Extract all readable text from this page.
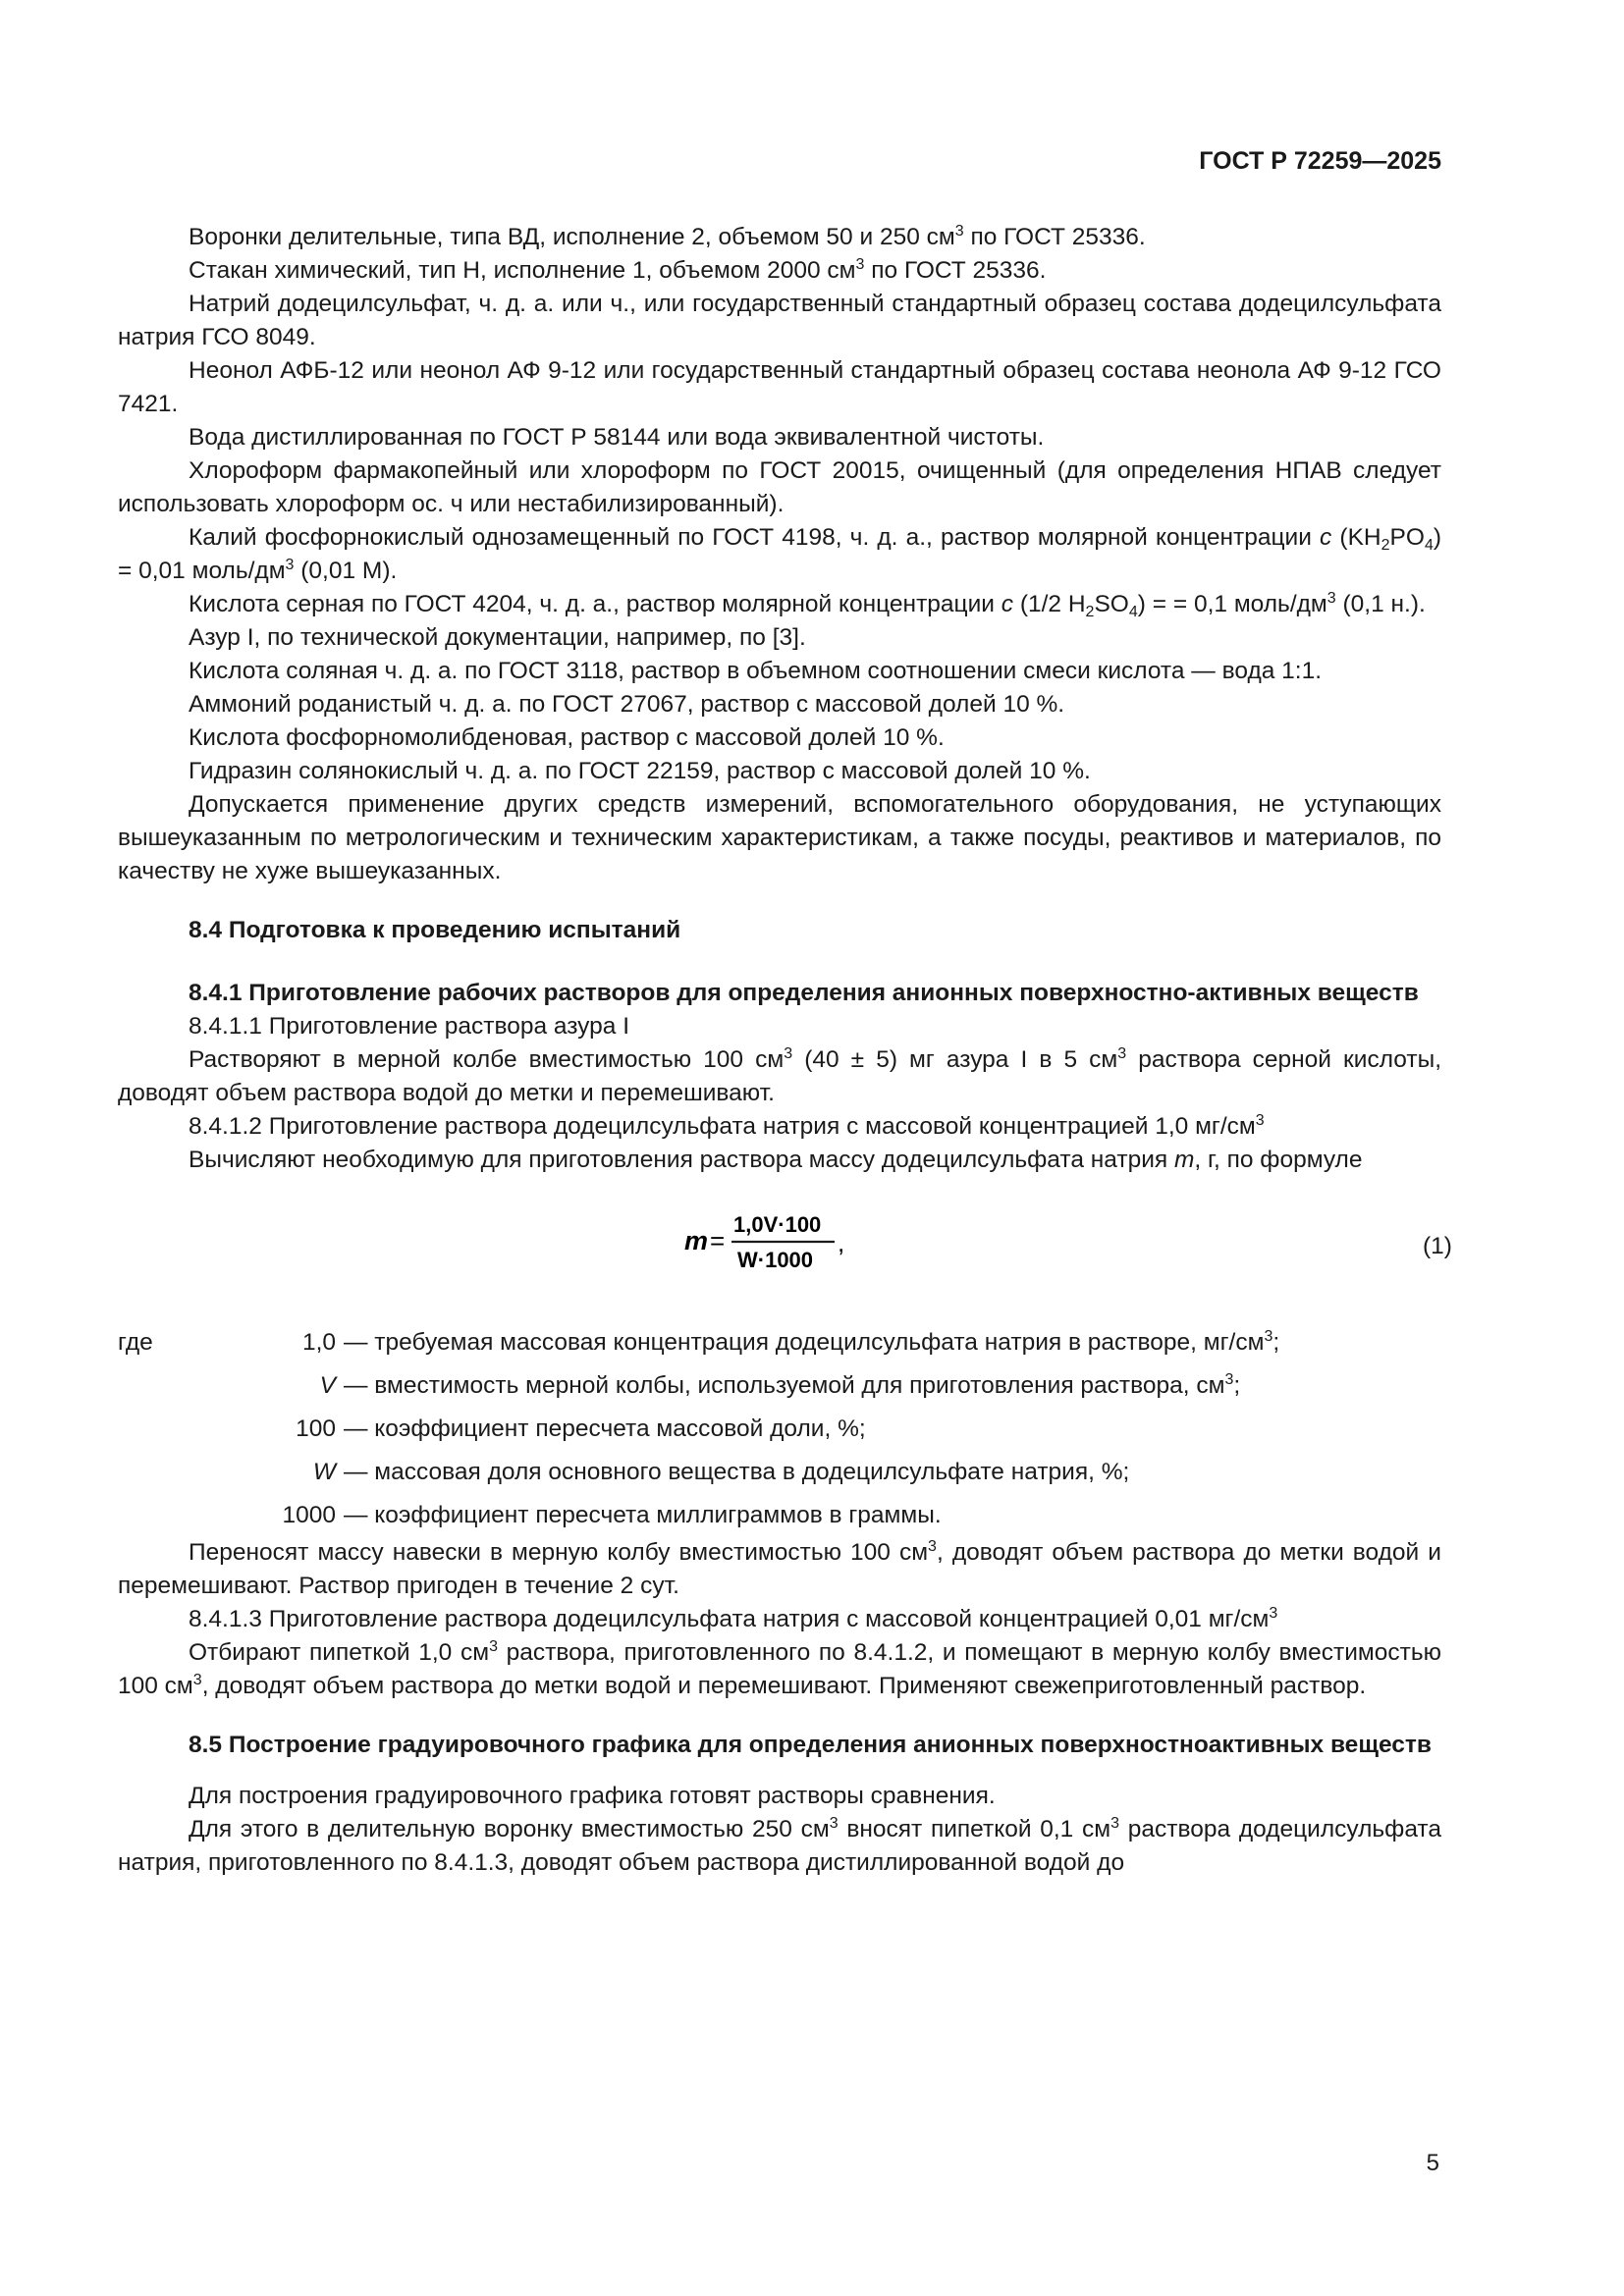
ГОСТ Р 72259—2025

Воронки делительные, типа ВД, исполнение 2, объемом 50 и 250 $см^3$ по ГОСТ 25336.

Стакан химический, тип Н, исполнение 1, объемом 2000 $см^3$ по ГОСТ 25336.

Натрий додецилсульфат, ч. д. а. или ч., или государственный стандартный образец состава додецилсульфата натрия ГСО 8049.

Неонол АФБ-12 или неонол АФ 9-12 или государственный стандартный образец состава неонола АФ 9-12 ГСО 7421.

Вода дистиллированная по ГОСТ Р 58144 или вода эквивалентной чистоты.

Хлороформ фармакопейный или хлороформ по ГОСТ 20015, очищенный (для определения НПАВ следует использовать хлороформ ос. ч или нестабилизированный).

Калий фосфорнокислый однозамещенный по ГОСТ 4198, ч. д. а., раствор молярной концентрации c $(KH_2PO_4) = 0,01$ моль/$дм^3$ (0,01 М).

Кислота серная по ГОСТ 4204, ч. д. а., раствор молярной концентрации c (1/2 $H_2SO_4$) = = 0,1 моль/$дм^3$ (0,1 н.).

Азур I, по технической документации, например, по [3].

Кислота соляная ч. д. а. по ГОСТ 3118, раствор в объемном соотношении смеси кислота — вода 1:1.

Аммоний роданистый ч. д. а. по ГОСТ 27067, раствор с массовой долей 10 %.

Кислота фосфорномолибденовая, раствор с массовой долей 10 %.

Гидразин солянокислый ч. д. а. по ГОСТ 22159, раствор с массовой долей 10 %.

Допускается применение других средств измерений, вспомогательного оборудования, не уступающих вышеуказанным по метрологическим и техническим характеристикам, а также посуды, реактивов и материалов, по качеству не хуже вышеуказанных.

8.4 Подготовка к проведению испытаний

8.4.1 Приготовление рабочих растворов для определения анионных поверхностно-активных веществ

8.4.1.1 Приготовление раствора азура I

Растворяют в мерной колбе вместимостью 100 $см^3$ (40 ± 5) мг азура I в 5 $см^3$ раствора серной кислоты, доводят объем раствора водой до метки и перемешивают.

8.4.1.2 Приготовление раствора додецилсульфата натрия с массовой концентрацией 1,0 $мг/см^3$

Вычисляют необходимую для приготовления раствора массу додецилсульфата натрия m, г, по формуле

m =
1,0V·100
W·1000
,	(1)
где	1,0 — требуемая массовая концентрация додецилсульфата натрия в растворе, $мг/см^3$;
V — вместимость мерной колбы, используемой для приготовления раствора, $см^3$;
100 — коэффициент пересчета массовой доли, %;
W — массовая доля основного вещества в додецилсульфате натрия, %;
1000 — коэффициент пересчета миллиграммов в граммы.

Переносят массу навески в мерную колбу вместимостью 100 $см^3$, доводят объем раствора до метки водой и перемешивают. Раствор пригоден в течение 2 сут.

8.4.1.3 Приготовление раствора додецилсульфата натрия с массовой концентрацией 0,01 $мг/см^3$

Отбирают пипеткой 1,0 $см^3$ раствора, приготовленного по 8.4.1.2, и помещают в мерную колбу вместимостью 100 $см^3$, доводят объем раствора до метки водой и перемешивают. Применяют свежеприготовленный раствор.

8.5 Построение градуировочного графика для определения анионных поверхностноактивных веществ

Для построения градуировочного графика готовят растворы сравнения.

Для этого в делительную воронку вместимостью 250 $см^3$ вносят пипеткой 0,1 $см^3$ раствора додецилсульфата натрия, приготовленного по 8.4.1.3, доводят объем раствора дистиллированной водой до

5
